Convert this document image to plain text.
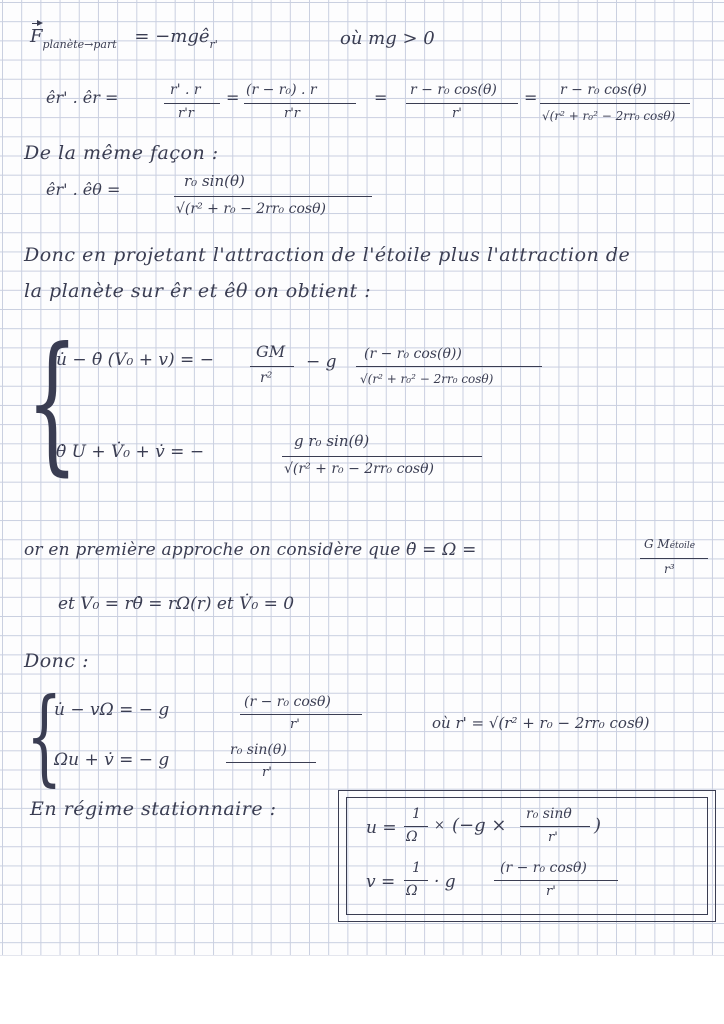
$F_{planète\to part}$ = −mgê$_{r'}$	où mg > 0
êr' . êr =	r' . r
r'r
= (r − r₀) . r
r'r
= r − r₀ cos(θ)
r'
= r − r₀ cos(θ)
√(r² + r₀² − 2rr₀ cosθ)
De la même façon :
êr' . êθ =	r₀ sin(θ)
√(r² + r₀ − 2rr₀ cosθ)
Donc en projetant l'attraction de l'étoile plus l'attraction de
la planète sur êr et êθ on obtient :
{
u̇ − θ̇ (V₀ + v) = −	GM
r²
− g (r − r₀ cos(θ))
√(r² + r₀² − 2rr₀ cosθ)
θ̇ U + V̇₀ + v̇ = −
g r₀ sin(θ)
√(r² + r₀ − 2rr₀ cosθ)
or en première approche on considère que θ̇ = Ω =	G Métoile
r³
et V₀ = rθ̇ = rΩ(r) et V̇₀ = 0
Donc :
{
u̇ − vΩ = − g	(r − r₀ cosθ)
r'
Ωu + v̇ = − g	r₀ sin(θ)
r'
où r' = √(r² + r₀ − 2rr₀ cosθ)
En régime stationnaire :
u =
1
Ω
× (−g ×
r₀ sinθ
r'
)
v =
1
Ω · g
(r − r₀ cosθ)
r'
